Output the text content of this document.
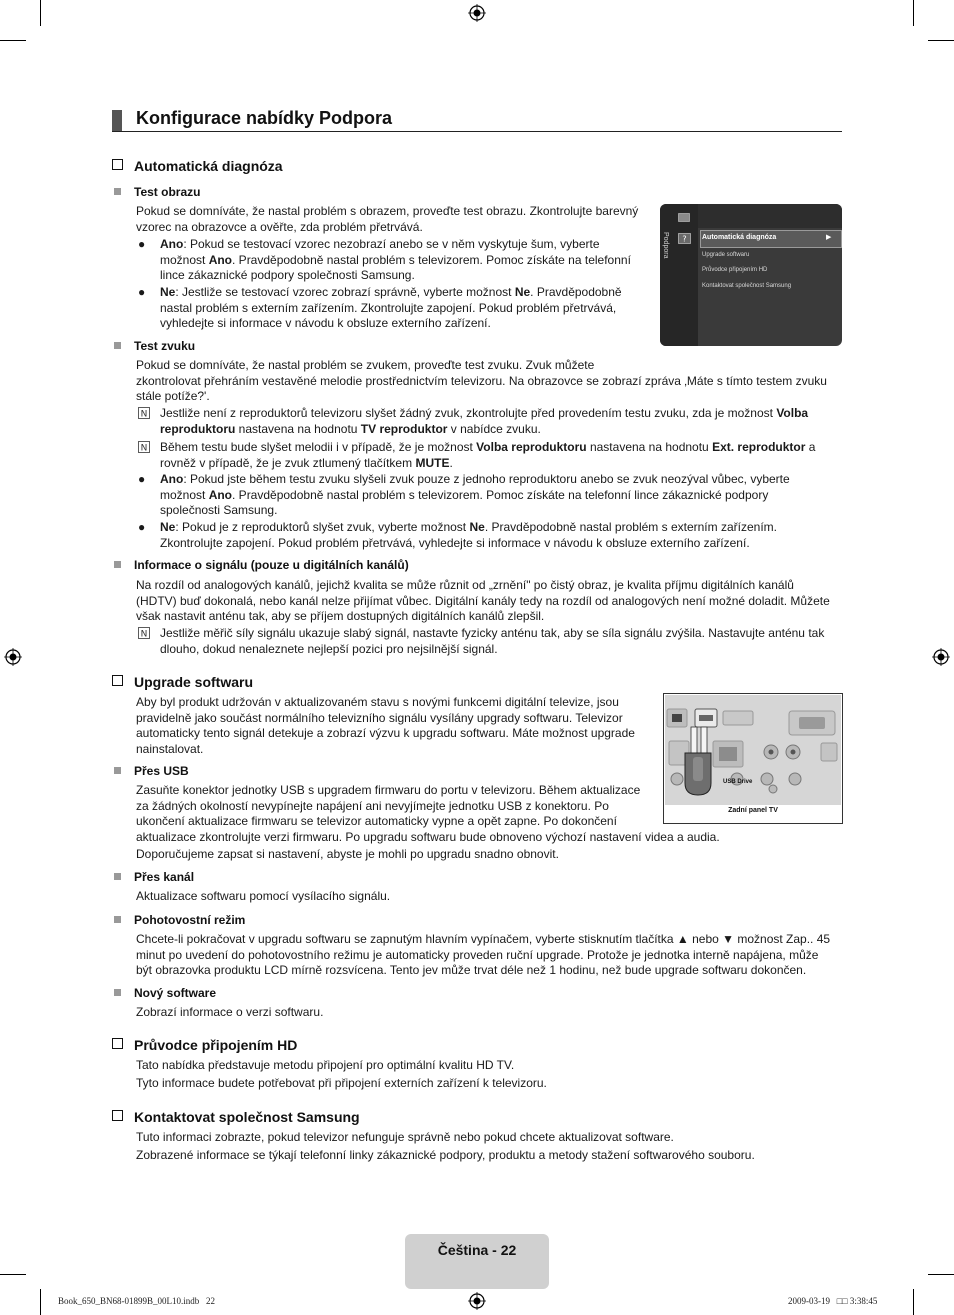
Konfigurace nabídky Podpora
Automatická diagnóza
Test obrazu
Pokud se domníváte, že nastal problém s obrazem, proveďte test obrazu. Zkontrolujte barevný
vzorec na obrazovce a ověřte, zda problém přetrvává.
● Ano: Pokud se testovací vzorec nezobrazí anebo se v něm vyskytuje šum, vyberte
možnost Ano. Pravděpodobně nastal problém s televizorem. Pomoc získáte na telefonní
lince zákaznické podpory společnosti Samsung.
● Ne: Jestliže se testovací vzorec zobrazí správně, vyberte možnost Ne. Pravděpodobně
nastal problém s externím zařízením. Zkontrolujte zapojení. Pokud problém přetrvává,
vyhledejte si informace v návodu k obsluze externího zařízení.
?
Podpora	Automatická diagnóza	▶
Upgrade softwaru
Průvodce připojením HD
Kontaktovat společnost Samsung
Test zvuku
Pokud se domníváte, že nastal problém se zvukem, proveďte test zvuku. Zvuk můžete
zkontrolovat přehráním vestavěné melodie prostřednictvím televizoru. Na obrazovce se zobrazí zpráva ‚Máte s tímto testem zvuku
stále potíže?'.
N Jestliže není z reproduktorů televizoru slyšet žádný zvuk, zkontrolujte před provedením testu zvuku, zda je možnost Volba
reproduktoru nastavena na hodnotu TV reproduktor v nabídce zvuku.
N Během testu bude slyšet melodii i v případě, že je možnost Volba reproduktoru nastavena na hodnotu Ext. reproduktor a
rovněž v případě, že je zvuk ztlumený tlačítkem MUTE.
● Ano: Pokud jste během testu zvuku slyšeli zvuk pouze z jednoho reproduktoru anebo se zvuk neozýval vůbec, vyberte
možnost Ano. Pravděpodobně nastal problém s televizorem. Pomoc získáte na telefonní lince zákaznické podpory
společnosti Samsung.
● Ne: Pokud je z reproduktorů slyšet zvuk, vyberte možnost Ne. Pravděpodobně nastal problém s externím zařízením.
Zkontrolujte zapojení. Pokud problém přetrvává, vyhledejte si informace v návodu k obsluze externího zařízení.
Informace o signálu (pouze u digitálních kanálů)
Na rozdíl od analogových kanálů, jejichž kvalita se může různit od „zrnění" po čistý obraz, je kvalita příjmu digitálních kanálů
(HDTV) buď dokonalá, nebo kanál nelze přijímat vůbec. Digitální kanály tedy na rozdíl od analogových není možné doladit. Můžete
však nastavit anténu tak, aby se příjem dostupných digitálních kanálů zlepšil.
N Jestliže měřič síly signálu ukazuje slabý signál, nastavte fyzicky anténu tak, aby se síla signálu zvýšila. Nastavujte anténu tak
dlouho, dokud nenaleznete nejlepší pozici pro nejsilnější signál.
Upgrade softwaru
Aby byl produkt udržován v aktualizovaném stavu s novými funkcemi digitální televize, jsou
pravidelně jako součást normálního televizního signálu vysílány upgrady softwaru. Televizor
automaticky tento signál detekuje a zobrazí výzvu k upgradu softwaru. Máte možnost upgrade
nainstalovat.
Přes USB
Zasuňte konektor jednotky USB s upgradem firmwaru do portu v televizoru. Během aktualizace
za žádných okolností nevypínejte napájení ani nevyjímejte jednotku USB z konektoru. Po
ukončení aktualizace firmwaru se televizor automaticky vypne a opět zapne. Po dokončení
aktualizace zkontrolujte verzi firmwaru. Po upgradu softwaru bude obnoveno výchozí nastavení videa a audia.
Doporučujeme zapsat si nastavení, abyste je mohli po upgradu snadno obnovit.
USB Drive
Zadní panel TV
Přes kanál
Aktualizace softwaru pomocí vysílacího signálu.
Pohotovostní režim
Chcete-li pokračovat v upgradu softwaru se zapnutým hlavním vypínačem, vyberte stisknutím tlačítka ▲ nebo ▼ možnost Zap.. 45
minut po uvedení do pohotovostního režimu je automaticky proveden ruční upgrade. Protože je jednotka interně napájena, může
být obrazovka produktu LCD mírně rozsvícena. Tento jev může trvat déle než 1 hodinu, než bude upgrade softwaru dokončen.
Nový software
Zobrazí informace o verzi softwaru.
Průvodce připojením HD
Tato nabídka představuje metodu připojení pro optimální kvalitu HD TV.
Tyto informace budete potřebovat při připojení externích zařízení k televizoru.
Kontaktovat společnost Samsung
Tuto informaci zobrazte, pokud televizor nefunguje správně nebo pokud chcete aktualizovat software.
Zobrazené informace se týkají telefonní linky zákaznické podpory, produktu a metody stažení softwarového souboru.
Čeština - 22
Book_650_BN68-01899B_00L10.indb   22	2009-03-19   □□ 3:38:45
